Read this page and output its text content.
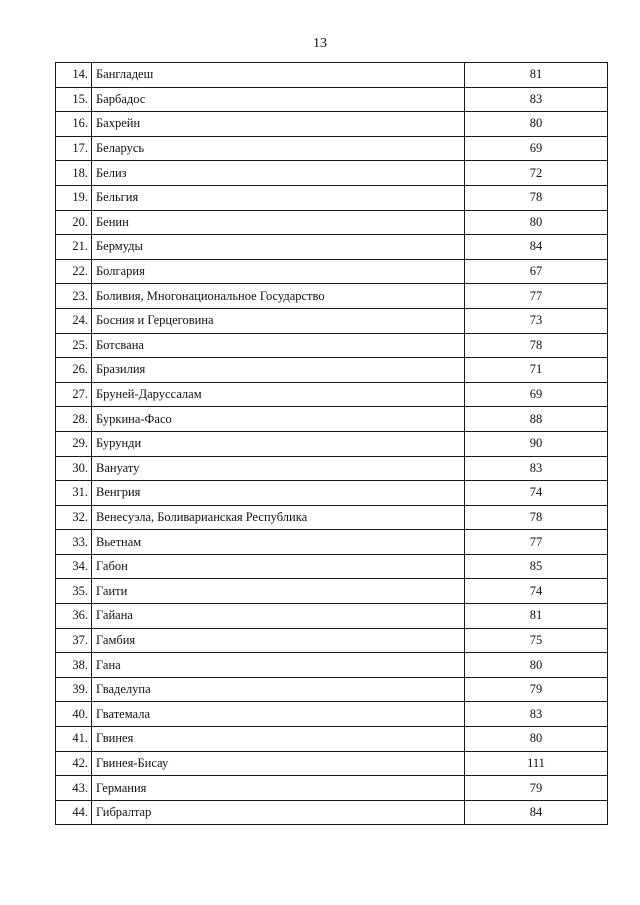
13
14.	Бангладеш	81
15.	Барбадос	83
16.	Бахрейн	80
17.	Беларусь	69
18.	Белиз	72
19.	Бельгия	78
20.	Бенин	80
21.	Бермуды	84
22.	Болгария	67
23.	Боливия, Многонациональное Государство	77
24.	Босния и Герцеговина	73
25.	Ботсвана	78
26.	Бразилия	71
27.	Бруней-Даруссалам	69
28.	Буркина-Фасо	88
29.	Бурунди	90
30.	Вануату	83
31.	Венгрия	74
32.	Венесуэла, Боливарианская Республика	78
33.	Вьетнам	77
34.	Габон	85
35.	Гаити	74
36.	Гайана	81
37.	Гамбия	75
38.	Гана	80
39.	Гваделупа	79
40.	Гватемала	83
41.	Гвинея	80
42.	Гвинея-Бисау	111
43.	Германия	79
44.	Гибралтар	84
